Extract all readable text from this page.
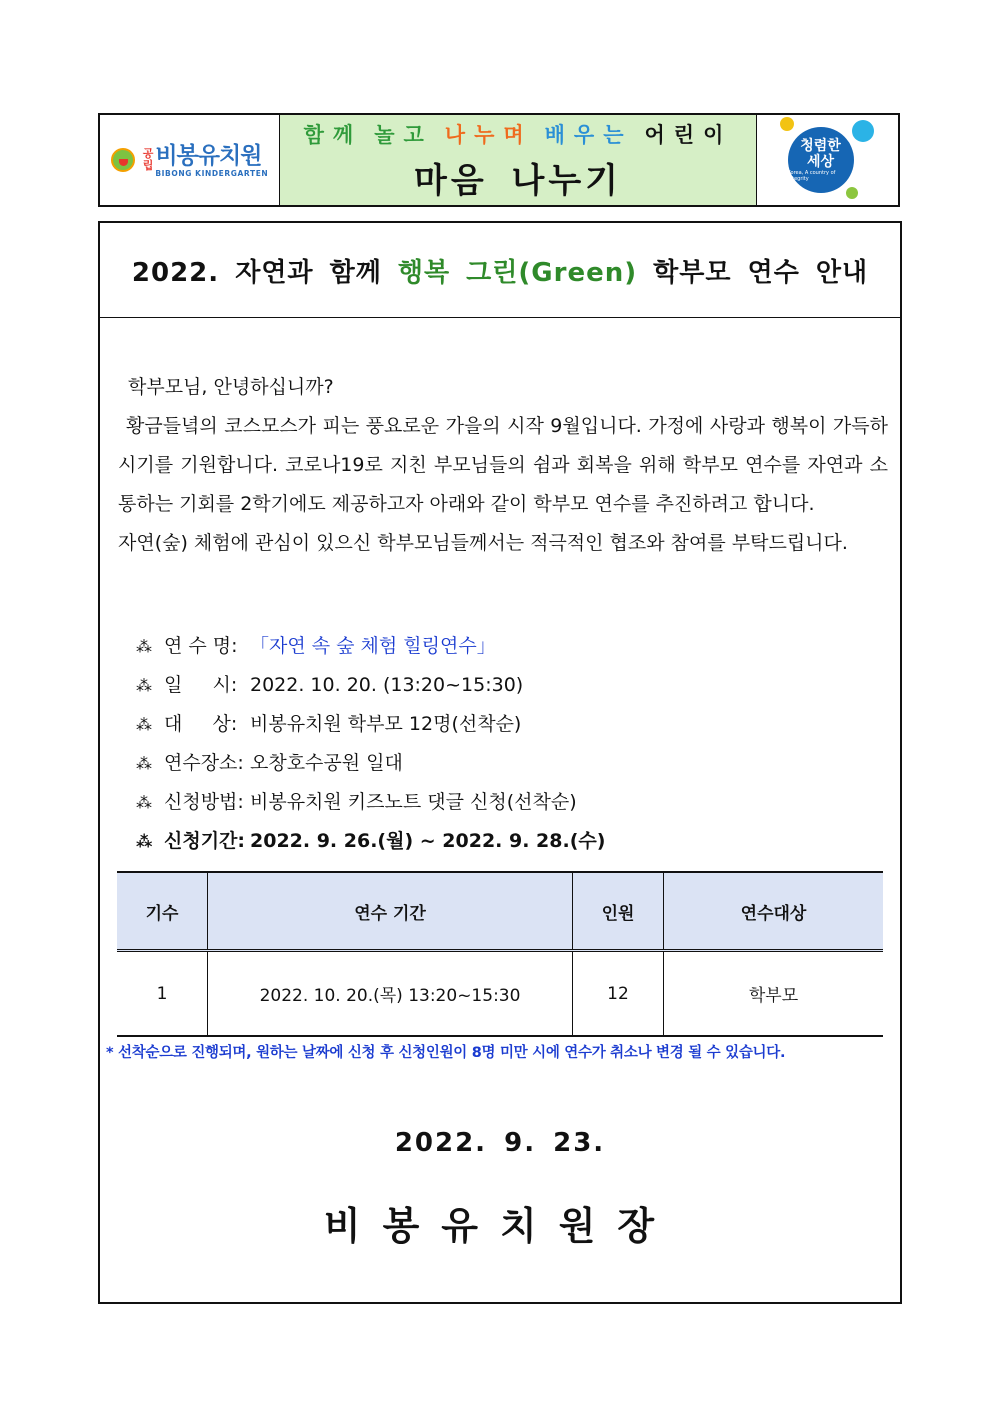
공
립 비봉유치원
BIBONG KINDERGARTEN
함께 놀고 나누며 배우는 어린이
마음 나누기
청렴한
세상
Korea, A country of Integrity
2022. 자연과 함께 행복 그린(Green) 학부모 연수 안내
학부모님, 안녕하십니까?
황금들녘의 코스모스가 피는 풍요로운 가을의 시작 9월입니다. 가정에 사랑과 행복이 가득하시기를 기원합니다. 코로나19로 지친 부모님들의 쉼과 회복을 위해 학부모 연수를 자연과 소통하는 기회를 2학기에도 제공하고자 아래와 같이 학부모 연수를 추진하려고 합니다.
자연(숲) 체험에 관심이 있으신 학부모님들께서는 적극적인 협조와 참여를 부탁드립니다.
⁂ 연 수 명: 「자연 속 숲 체험 힐링연수」
⁂ 일     시: 2022. 10. 20. (13:20~15:30)
⁂ 대     상: 비봉유치원 학부모 12명(선착순)
⁂ 연수장소: 오창호수공원 일대
⁂ 신청방법: 비봉유치원 키즈노트 댓글 신청(선착순)
⁂ 신청기간: 2022. 9. 26.(월) ~ 2022. 9. 28.(수)
기수	연수 기간	인원	연수대상
1	2022. 10. 20.(목) 13:20~15:30	12	학부모
* 선착순으로 진행되며, 원하는 날짜에 신청 후 신청인원이 8명 미만 시에 연수가 취소나 변경 될 수 있습니다.
2022. 9. 23.
비봉유치원장
